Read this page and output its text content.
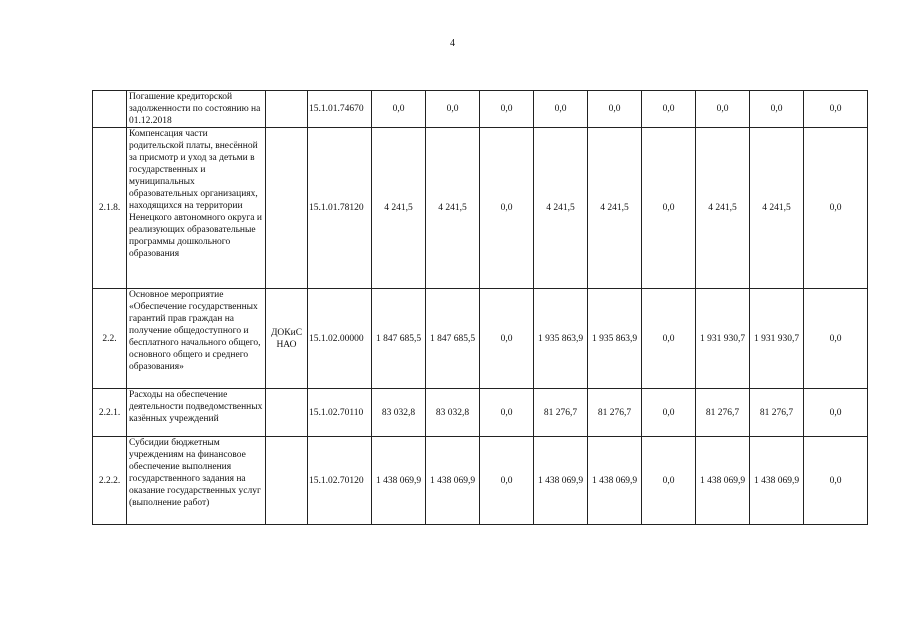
4
	Погашение кредиторской задолженности по состоянию на 01.12.2018		15.1.01.74670	0,0	0,0	0,0	0,0	0,0	0,0	0,0	0,0	0,0
2.1.8.	Компенсация части родительской платы, внесённой за присмотр и уход за детьми в государственных и муниципальных образовательных организациях, находящихся на территории Ненецкого автономного округа и реализующих образовательные программы дошкольного образования		15.1.01.78120	4 241,5	4 241,5	0,0	4 241,5	4 241,5	0,0	4 241,5	4 241,5	0,0
2.2.	Основное мероприятие «Обеспечение государственных гарантий прав граждан на получение общедоступного и бесплатного начального общего, основного общего и среднего образования»	ДОКиС НАО	15.1.02.00000	1 847 685,5	1 847 685,5	0,0	1 935 863,9	1 935 863,9	0,0	1 931 930,7	1 931 930,7	0,0
2.2.1.	Расходы на обеспечение деятельности подведомственных казённых учреждений		15.1.02.70110	83 032,8	83 032,8	0,0	81 276,7	81 276,7	0,0	81 276,7	81 276,7	0,0
2.2.2.	Субсидии бюджетным учреждениям на финансовое обеспечение выполнения государственного задания на оказание государственных услуг (выполнение работ)		15.1.02.70120	1 438 069,9	1 438 069,9	0,0	1 438 069,9	1 438 069,9	0,0	1 438 069,9	1 438 069,9	0,0
